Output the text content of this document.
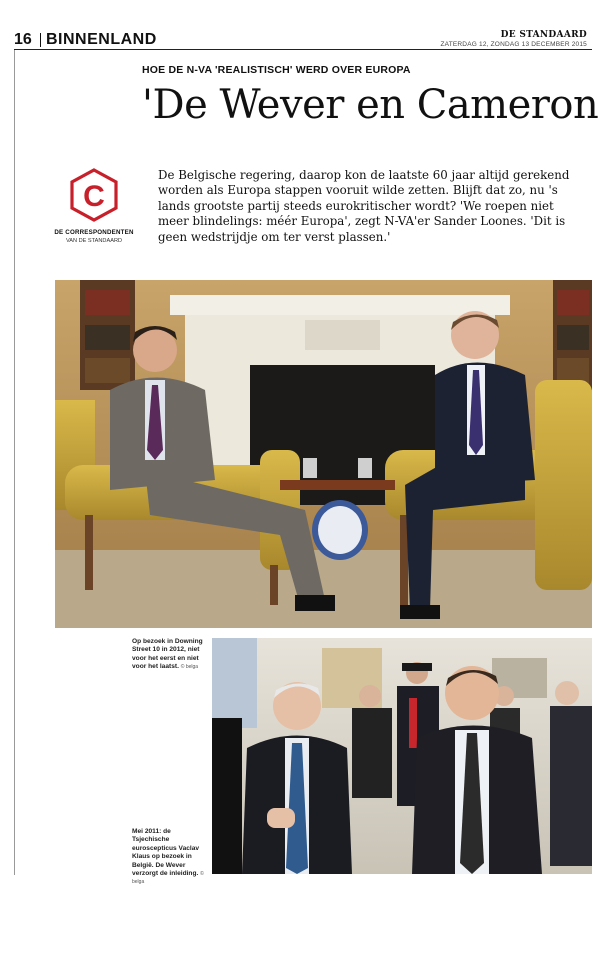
16 BINNENLAND	DE STANDAARD
ZATERDAG 12, ZONDAG 13 DECEMBER 2015
HOE DE N-VA 'REALISTISCH' WERD OVER EUROPA
'De Wever en Cameron
C
DE CORRESPONDENTEN
VAN DE STANDAARD
De Belgische regering, daarop kon de laatste 60 jaar altijd gerekend
worden als Europa stappen vooruit wilde zetten. Blijft dat zo, nu 's
lands grootste partij steeds eurokritischer wordt? 'We roepen niet
meer blindelings: méér Europa', zegt N-VA'er Sander Loones. 'Dit is
geen wedstrijdje om ter verst plassen.'
Op bezoek in Downing Street 10 in 2012, niet voor het eerst en niet voor het laatst. © belga
Mei 2011: de Tsjechische euroscepticus Vaclav Klaus op bezoek in België. De Wever verzorgt de inleiding. © belga
